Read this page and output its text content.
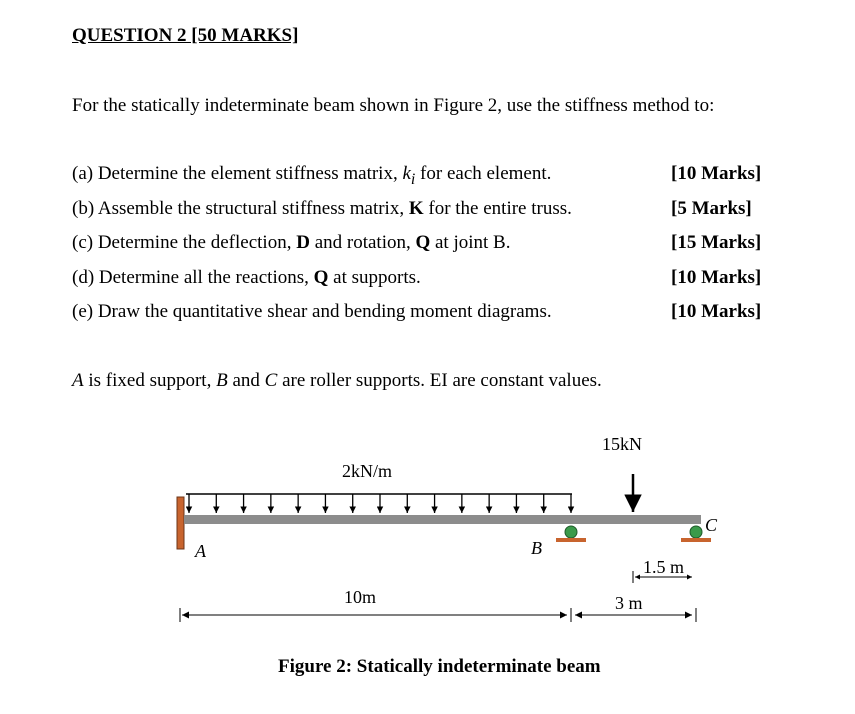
QUESTION 2 [50 MARKS]
For the statically indeterminate beam shown in Figure 2, use the stiffness method to:
(a) Determine the element stiffness matrix, $k_i$ for each element.	[10 Marks]
(b) Assemble the structural stiffness matrix, K for the entire truss.	[5 Marks]
(c) Determine the deflection, D and rotation, Q at joint B.	[15 Marks]
(d) Determine all the reactions, Q at supports.	[10 Marks]
(e) Draw the quantitative shear and bending moment diagrams.	[10 Marks]
A is fixed support, B and C are roller supports. EI are constant values.
15kN
2kN/m
A	B
C
1.5 m
10m	3 m
Figure 2: Statically indeterminate beam
